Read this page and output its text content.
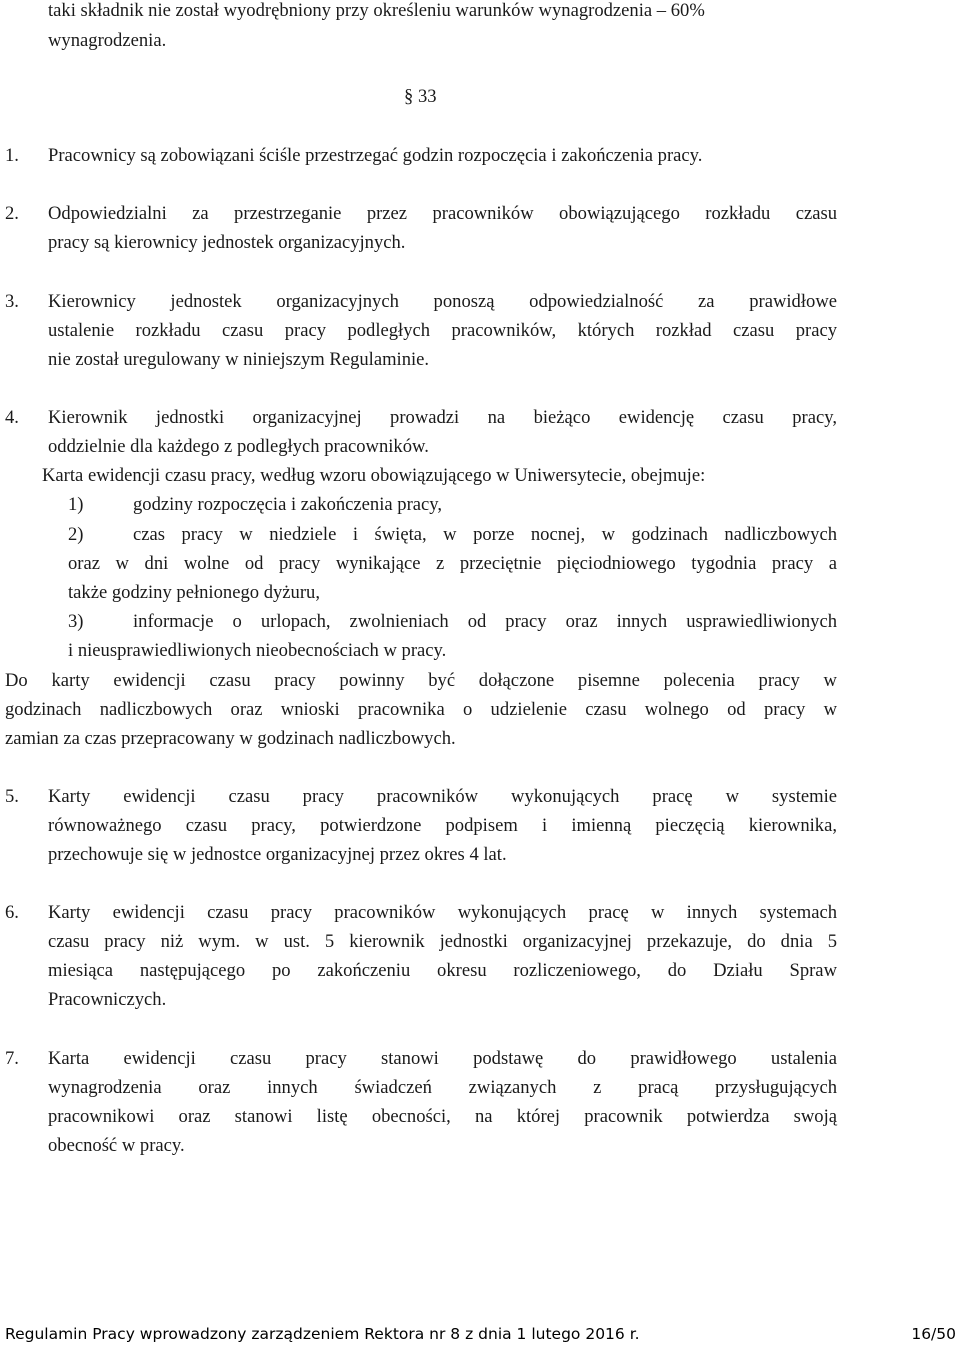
taki składnik nie został wyodrębniony przy określeniu warunków wynagrodzenia – 60%
wynagrodzenia.
§ 33
1. Pracownicy są zobowiązani ściśle przestrzegać godzin rozpoczęcia i zakończenia pracy.
2. Odpowiedzialni za przestrzeganie przez pracowników obowiązującego rozkładu czasu
pracy są kierownicy jednostek organizacyjnych.
3. Kierownicy jednostek organizacyjnych ponoszą odpowiedzialność za prawidłowe
ustalenie rozkładu czasu pracy podległych pracowników, których rozkład czasu pracy
nie został uregulowany w niniejszym Regulaminie.
4. Kierownik jednostki organizacyjnej prowadzi na bieżąco ewidencję czasu pracy,
oddzielnie dla każdego z podległych pracowników.
Karta ewidencji czasu pracy, według wzoru obowiązującego w Uniwersytecie, obejmuje:
1)	godziny rozpoczęcia i zakończenia pracy,
2)	czas pracy w niedziele i święta, w porze nocnej, w godzinach nadliczbowych
oraz w dni wolne od pracy wynikające z przeciętnie pięciodniowego tygodnia pracy a
także godziny pełnionego dyżuru,
3)	informacje o urlopach, zwolnieniach od pracy oraz innych usprawiedliwionych
i nieusprawiedliwionych nieobecnościach w pracy.
Do karty ewidencji czasu pracy powinny być dołączone pisemne polecenia pracy w
godzinach nadliczbowych oraz wnioski pracownika o udzielenie czasu wolnego od pracy w
zamian za czas przepracowany w godzinach nadliczbowych.
5. Karty ewidencji czasu pracy pracowników wykonujących pracę w systemie
równoważnego czasu pracy, potwierdzone podpisem i imienną pieczęcią kierownika,
przechowuje się w jednostce organizacyjnej przez okres 4 lat.
6. Karty ewidencji czasu pracy pracowników wykonujących pracę w innych systemach
czasu pracy niż wym. w ust. 5 kierownik jednostki organizacyjnej przekazuje, do dnia 5
miesiąca następującego po zakończeniu okresu rozliczeniowego, do Działu Spraw
Pracowniczych.
7. Karta ewidencji czasu pracy stanowi podstawę do prawidłowego ustalenia
wynagrodzenia oraz innych świadczeń związanych z pracą przysługujących
pracownikowi oraz stanowi listę obecności, na której pracownik potwierdza swoją
obecność w pracy.
Regulamin Pracy wprowadzony zarządzeniem Rektora nr 8 z dnia 1 lutego 2016 r.	16/50
